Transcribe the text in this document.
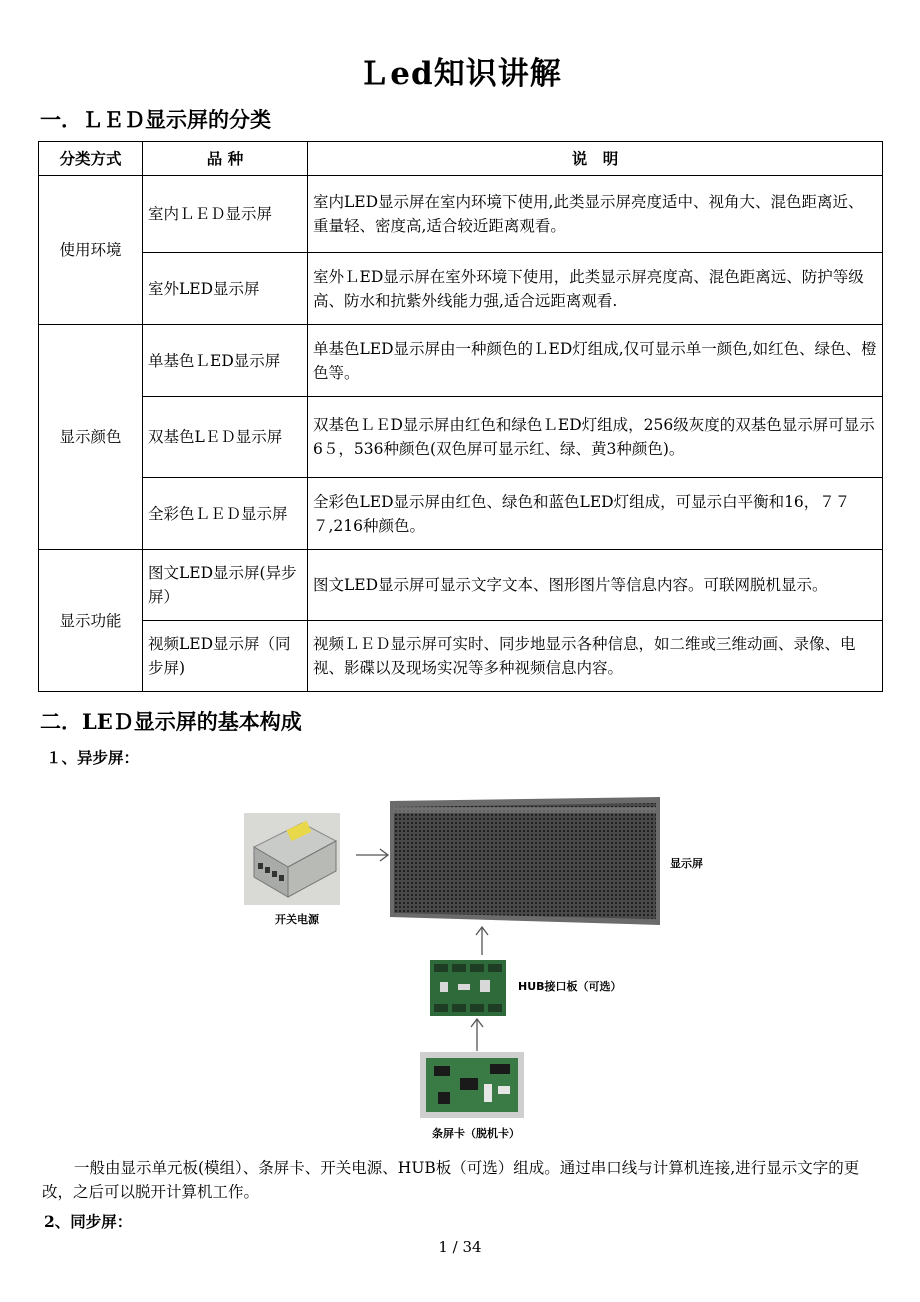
Ｌed知识讲解
一．ＬＥＤ显示屏的分类
分类方式	品 种	说　明
使用环境	室内ＬＥＤ显示屏	室内LED显示屏在室内环境下使用,此类显示屏亮度适中、视角大、混色距离近、重量轻、密度高,适合较近距离观看。
	室外LED显示屏	室外ＬED显示屏在室外环境下使用，此类显示屏亮度高、混色距离远、防护等级高、防水和抗紫外线能力强,适合远距离观看.
显示颜色	单基色ＬED显示屏	单基色LED显示屏由一种颜色的ＬED灯组成,仅可显示单一颜色,如红色、绿色、橙色等。
	双基色LＥＤ显示屏	双基色ＬＥD显示屏由红色和绿色ＬED灯组成，256级灰度的双基色显示屏可显示6５，536种颜色(双色屏可显示红、绿、黄3种颜色)。
	全彩色ＬＥＤ显示屏	全彩色LED显示屏由红色、绿色和蓝色LED灯组成，可显示白平衡和16，７７７,216种颜色。
显示功能	图文LED显示屏(异步屏）	图文LED显示屏可显示文字文本、图形图片等信息内容。可联网脱机显示。
	视频LED显示屏（同步屏)	视频ＬＥＤ显示屏可实时、同步地显示各种信息，如二维或三维动画、录像、电视、影碟以及现场实况等多种视频信息内容。
二．LEＤ显示屏的基本构成
１、异步屏：
开关电源
显示屏
HUB接口板（可选）
条屏卡（脱机卡）
一般由显示单元板(模组）、条屏卡、开关电源、HUB板（可选）组成。通过串口线与计算机连接,进行显示文字的更改，之后可以脱开计算机工作。
2、同步屏：
1 / 34
